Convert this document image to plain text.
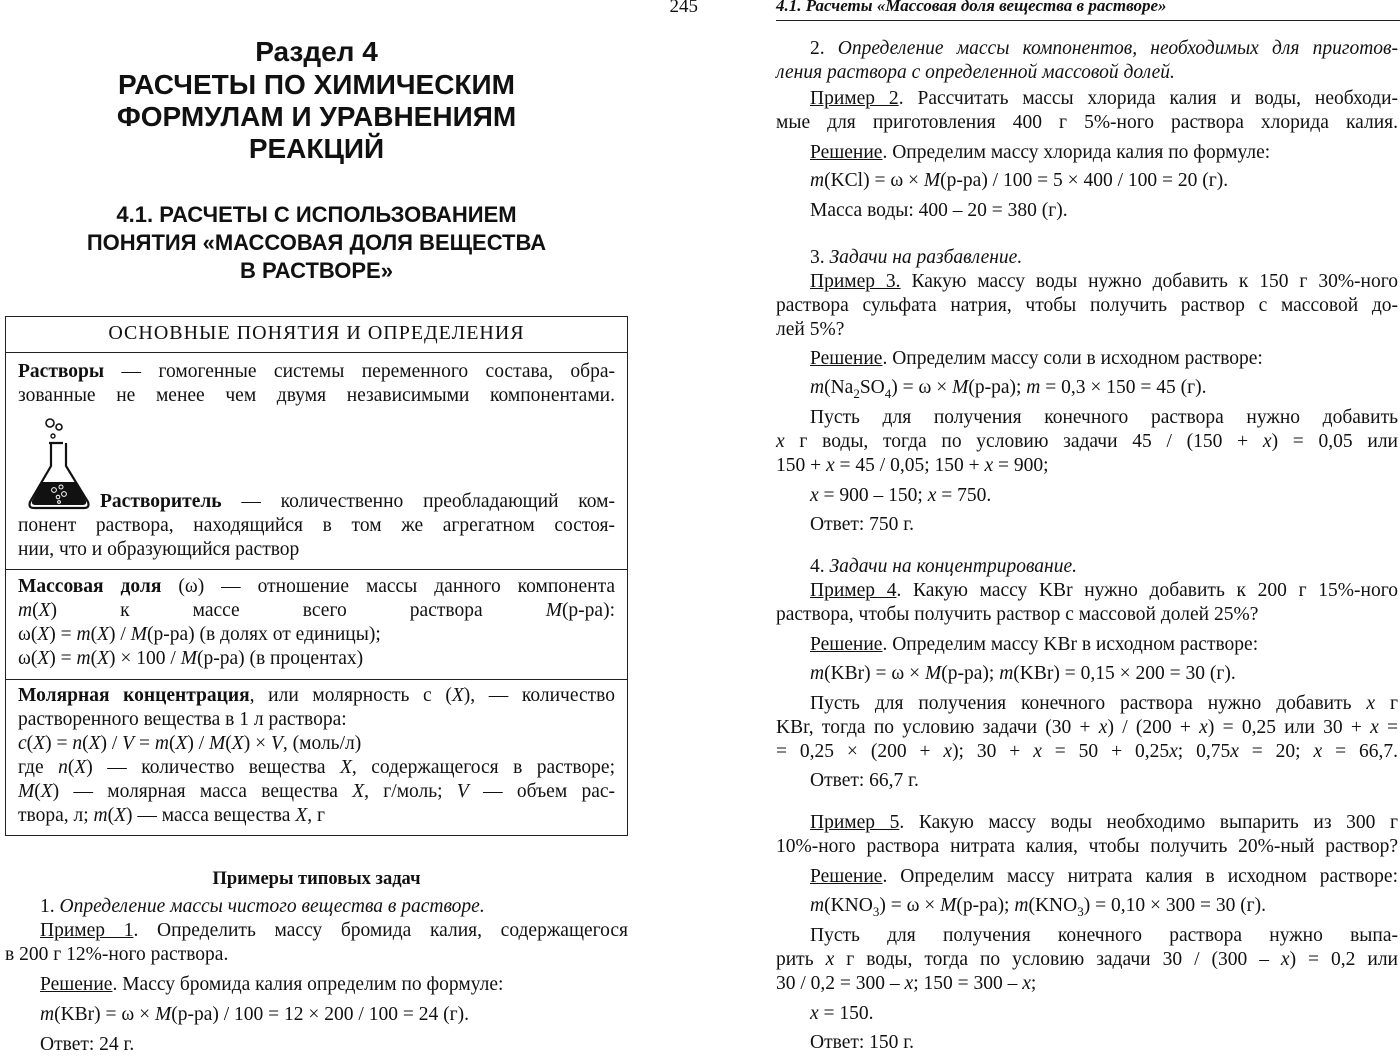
Раздел 4
РАСЧЕТЫ ПО ХИМИЧЕСКИМ
ФОРМУЛАМ И УРАВНЕНИЯМ
РЕАКЦИЙ
4.1. РАСЧЕТЫ С ИСПОЛЬЗОВАНИЕМ
ПОНЯТИЯ «МАССОВАЯ ДОЛЯ ВЕЩЕСТВА
В РАСТВОРЕ»
ОСНОВНЫЕ ПОНЯТИЯ И ОПРЕДЕЛЕНИЯ
Растворы — гомогенные системы переменного состава, обра-
зованные не менее чем двумя независимыми компонентами.
Растворитель — количественно преобладающий ком-
понент раствора, находящийся в том же агрегатном состоя-
нии, что и образующийся раствор
Массовая доля (ω) — отношение массы данного компонента
m(X) к массе всего раствора M(р-ра):
ω(X) = m(X) / M(р-ра) (в долях от единицы);
ω(X) = m(X) × 100 / M(р-ра) (в процентах)
Молярная концентрация, или молярность c (X), — количество
растворенного вещества в 1 л раствора:
c(X) = n(X) / V = m(X) / M(X) × V, (моль/л)
где n(X) — количество вещества X, содержащегося в растворе;
M(X) — молярная масса вещества X, г/моль; V — объем рас-
твора, л; m(X) — масса вещества X, г
Примеры типовых задач
1. Определение массы чистого вещества в растворе.
Пример 1. Определить массу бромида калия, содержащегося
в 200 г 12%-ного раствора.
Решение. Массу бромида калия определим по формуле:
m(KBr) = ω × M(р-ра) / 100 = 12 × 200 / 100 = 24 (г).
Ответ: 24 г.
4.1. Расчеты «Массовая доля вещества в растворе»
245
2. Определение массы компонентов, необходимых для приготов-
ления раствора с определенной массовой долей.
Пример 2. Рассчитать массы хлорида калия и воды, необходи-
мые для приготовления 400 г 5%-ного раствора хлорида калия.
Решение. Определим массу хлорида калия по формуле:
m(KCl) = ω × M(р-ра) / 100 = 5 × 400 / 100 = 20 (г).
Масса воды: 400 – 20 = 380 (г).
3. Задачи на разбавление.
Пример 3. Какую массу воды нужно добавить к 150 г 30%-ного
раствора сульфата натрия, чтобы получить раствор с массовой до-
лей 5%?
Решение. Определим массу соли в исходном растворе:
$m(Na_2SO_4) = \omega \times M(р-ра)$; m = 0,3 × 150 = 45 (г).
Пусть для получения конечного раствора нужно добавить
x г воды, тогда по условию задачи 45 / (150 + x) = 0,05 или
150 + x = 45 / 0,05; 150 + x = 900;
x = 900 – 150; x = 750.
Ответ: 750 г.
4. Задачи на концентрирование.
Пример 4. Какую массу KBr нужно добавить к 200 г 15%-ного
раствора, чтобы получить раствор с массовой долей 25%?
Решение. Определим массу KBr в исходном растворе:
m(KBr) = ω × M(р-ра); m(KBr) = 0,15 × 200 = 30 (г).
Пусть для получения конечного раствора нужно добавить x г
KBr, тогда по условию задачи (30 + x) / (200 + x) = 0,25 или 30 + x =
= 0,25 × (200 + x); 30 + x = 50 + 0,25x; 0,75x = 20; x = 66,7.
Ответ: 66,7 г.
Пример 5. Какую массу воды необходимо выпарить из 300 г
10%-ного раствора нитрата калия, чтобы получить 20%-ный раствор?
Решение. Определим массу нитрата калия в исходном растворе:
$m(KNO_3) = \omega \times M(р-ра)$; $m(KNO_3) = 0,10 \times 300 = 30$ (г).
Пусть для получения конечного раствора нужно выпа-
рить x г воды, тогда по условию задачи 30 / (300 – x) = 0,2 или
30 / 0,2 = 300 – x; 150 = 300 – x;
x = 150.
Ответ: 150 г.
